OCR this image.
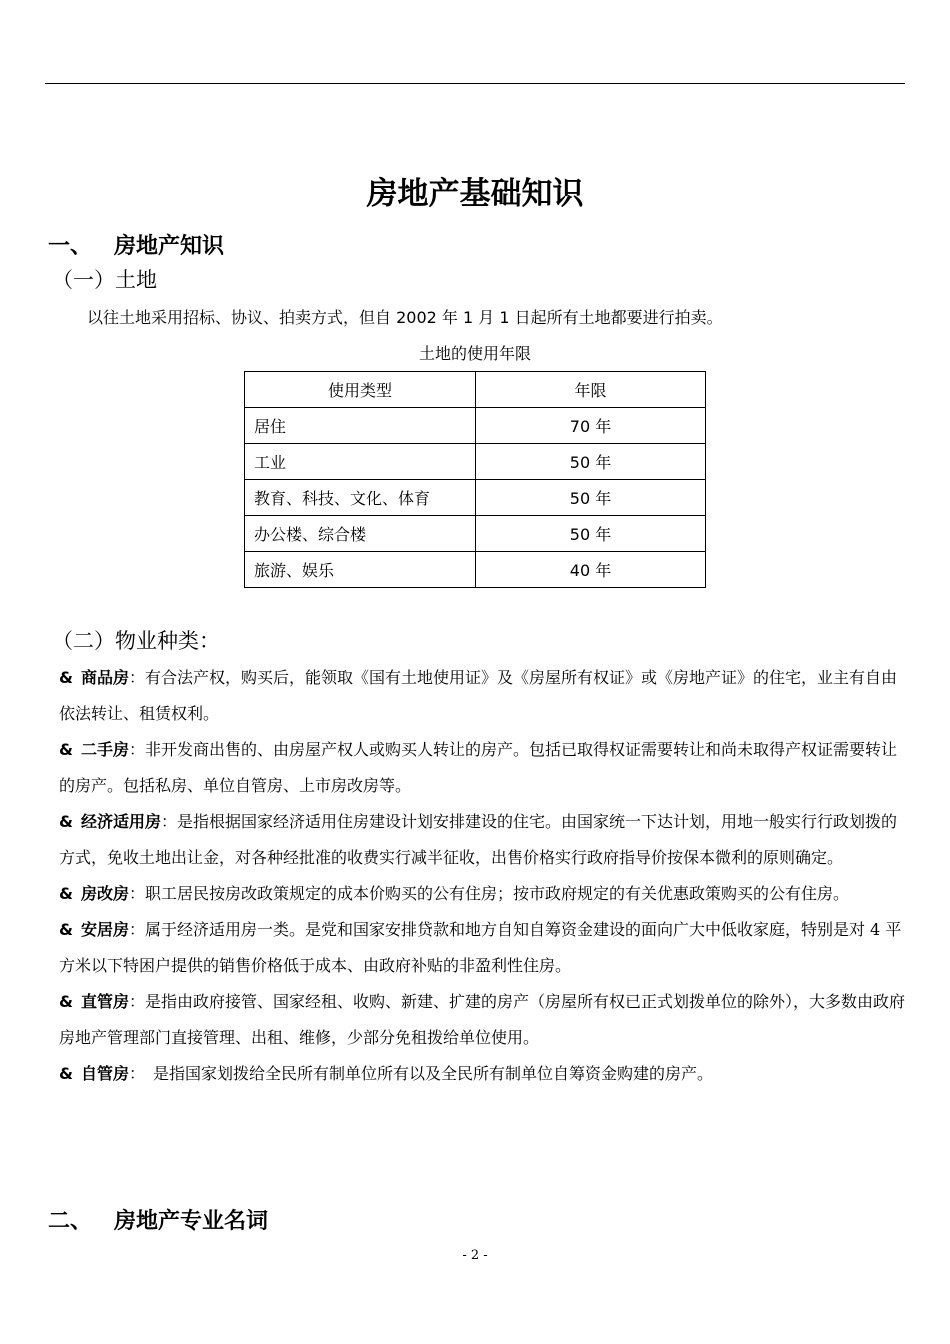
房地产基础知识
一、 房地产知识
（一）土地
以往土地采用招标、协议、拍卖方式，但自 2002 年 1 月 1 日起所有土地都要进行拍卖。
土地的使用年限
使用类型	年限
居住	70 年
工业	50 年
教育、科技、文化、体育	50 年
办公楼、综合楼	50 年
旅游、娱乐	40 年
（二）物业种类：

& 商品房：有合法产权，购买后，能领取《国有土地使用证》及《房屋所有权证》或《房地产证》的住宅，业主有自由依法转让、租赁权利。

& 二手房：非开发商出售的、由房屋产权人或购买人转让的房产。包括已取得权证需要转让和尚未取得产权证需要转让的房产。包括私房、单位自管房、上市房改房等。

& 经济适用房：是指根据国家经济适用住房建设计划安排建设的住宅。由国家统一下达计划，用地一般实行行政划拨的方式，免收土地出让金，对各种经批准的收费实行减半征收，出售价格实行政府指导价按保本微利的原则确定。

& 房改房：职工居民按房改政策规定的成本价购买的公有住房；按市政府规定的有关优惠政策购买的公有住房。

& 安居房：属于经济适用房一类。是党和国家安排贷款和地方自知自筹资金建设的面向广大中低收家庭，特别是对 4 平方米以下特困户提供的销售价格低于成本、由政府补贴的非盈利性住房。

& 直管房：是指由政府接管、国家经租、收购、新建、扩建的房产（房屋所有权已正式划拨单位的除外），大多数由政府房地产管理部门直接管理、出租、维修，少部分免租拨给单位使用。

& 自管房：　是指国家划拨给全民所有制单位所有以及全民所有制单位自筹资金购建的房产。

二、 房地产专业名词
- 2 -
